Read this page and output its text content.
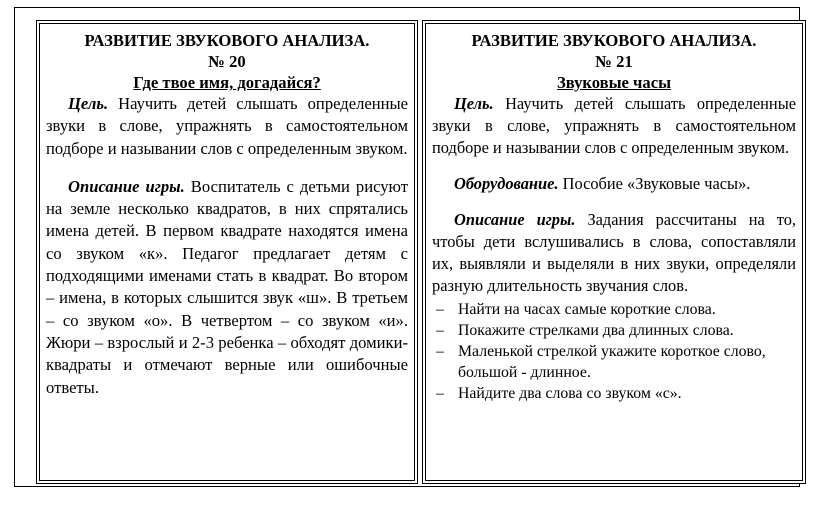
РАЗВИТИЕ ЗВУКОВОГО АНАЛИЗА.

№ 20

Где твое имя, догадайся?

Цель. Научить детей слышать определенные звуки в слове, упражнять в самостоятельном подборе и назывании слов с определенным звуком.

Описание игры. Воспитатель с детьми рисуют на земле несколько квадратов, в них спрятались имена детей. В первом квадрате находятся имена со звуком «к». Педагог предлагает детям с подходящими именами стать в квадрат. Во втором – имена, в которых слышится звук «ш». В третьем – со звуком «о». В четвертом – со звуком «и». Жюри – взрослый и 2-3 ребенка – обходят домики-квадраты и отмечают верные или ошибочные ответы.

РАЗВИТИЕ ЗВУКОВОГО АНАЛИЗА.

№ 21

Звуковые часы

Цель. Научить детей слышать определенные звуки в слове, упражнять в самостоятельном подборе и назывании слов с определенным звуком.

Оборудование. Пособие «Звуковые часы».

Описание игры. Задания рассчитаны на то, чтобы дети вслушивались в слова, сопоставляли их, выявляли и выделяли в них звуки, определяли разную длительность звучания слов.

– Найти на часах самые короткие слова.
– Покажите стрелками два длинных слова.
– Маленькой стрелкой укажите короткое слово, большой - длинное.
– Найдите два слова со звуком «с».
